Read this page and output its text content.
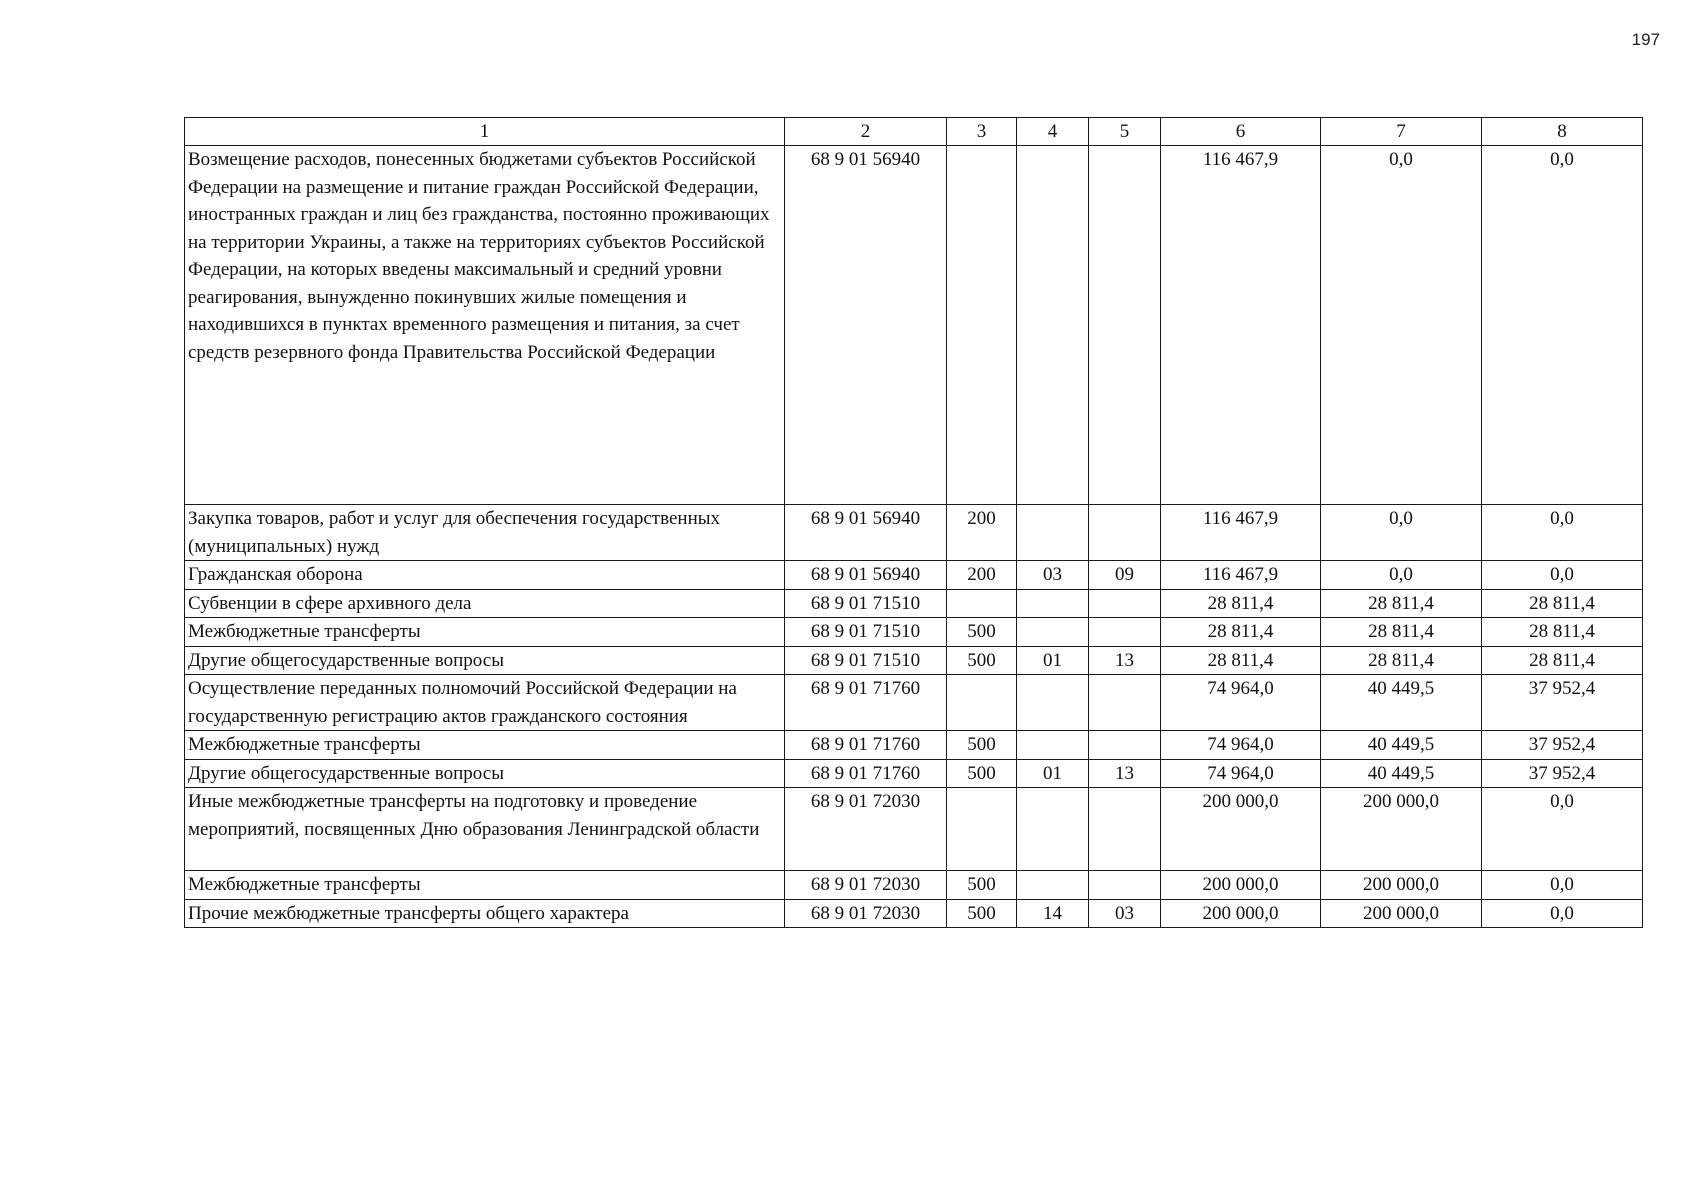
197
1	2	3	4	5	6	7	8
Возмещение расходов, понесенных бюджетами субъектов Российской Федерации на размещение и питание граждан Российской Федерации, иностранных граждан и лиц без гражданства, постоянно проживающих на территории Украины, а также на территориях субъектов Российской Федерации, на которых введены максимальный и средний уровни реагирования, вынужденно покинувших жилые помещения и находившихся в пунктах временного размещения и питания, за счет средств резервного фонда Правительства Российской Федерации	68 9 01 56940				116 467,9	0,0	0,0
Закупка товаров, работ и услуг для обеспечения государственных (муниципальных) нужд	68 9 01 56940	200			116 467,9	0,0	0,0
Гражданская оборона	68 9 01 56940	200	03	09	116 467,9	0,0	0,0
Субвенции в сфере архивного дела	68 9 01 71510				28 811,4	28 811,4	28 811,4
Межбюджетные трансферты	68 9 01 71510	500			28 811,4	28 811,4	28 811,4
Другие общегосударственные вопросы	68 9 01 71510	500	01	13	28 811,4	28 811,4	28 811,4
Осуществление переданных полномочий Российской Федерации на государственную регистрацию актов гражданского состояния	68 9 01 71760				74 964,0	40 449,5	37 952,4
Межбюджетные трансферты	68 9 01 71760	500			74 964,0	40 449,5	37 952,4
Другие общегосударственные вопросы	68 9 01 71760	500	01	13	74 964,0	40 449,5	37 952,4
Иные межбюджетные трансферты на подготовку и проведение мероприятий, посвященных Дню образования Ленинградской области	68 9 01 72030				200 000,0	200 000,0	0,0
Межбюджетные трансферты	68 9 01 72030	500			200 000,0	200 000,0	0,0
Прочие межбюджетные трансферты общего характера	68 9 01 72030	500	14	03	200 000,0	200 000,0	0,0
